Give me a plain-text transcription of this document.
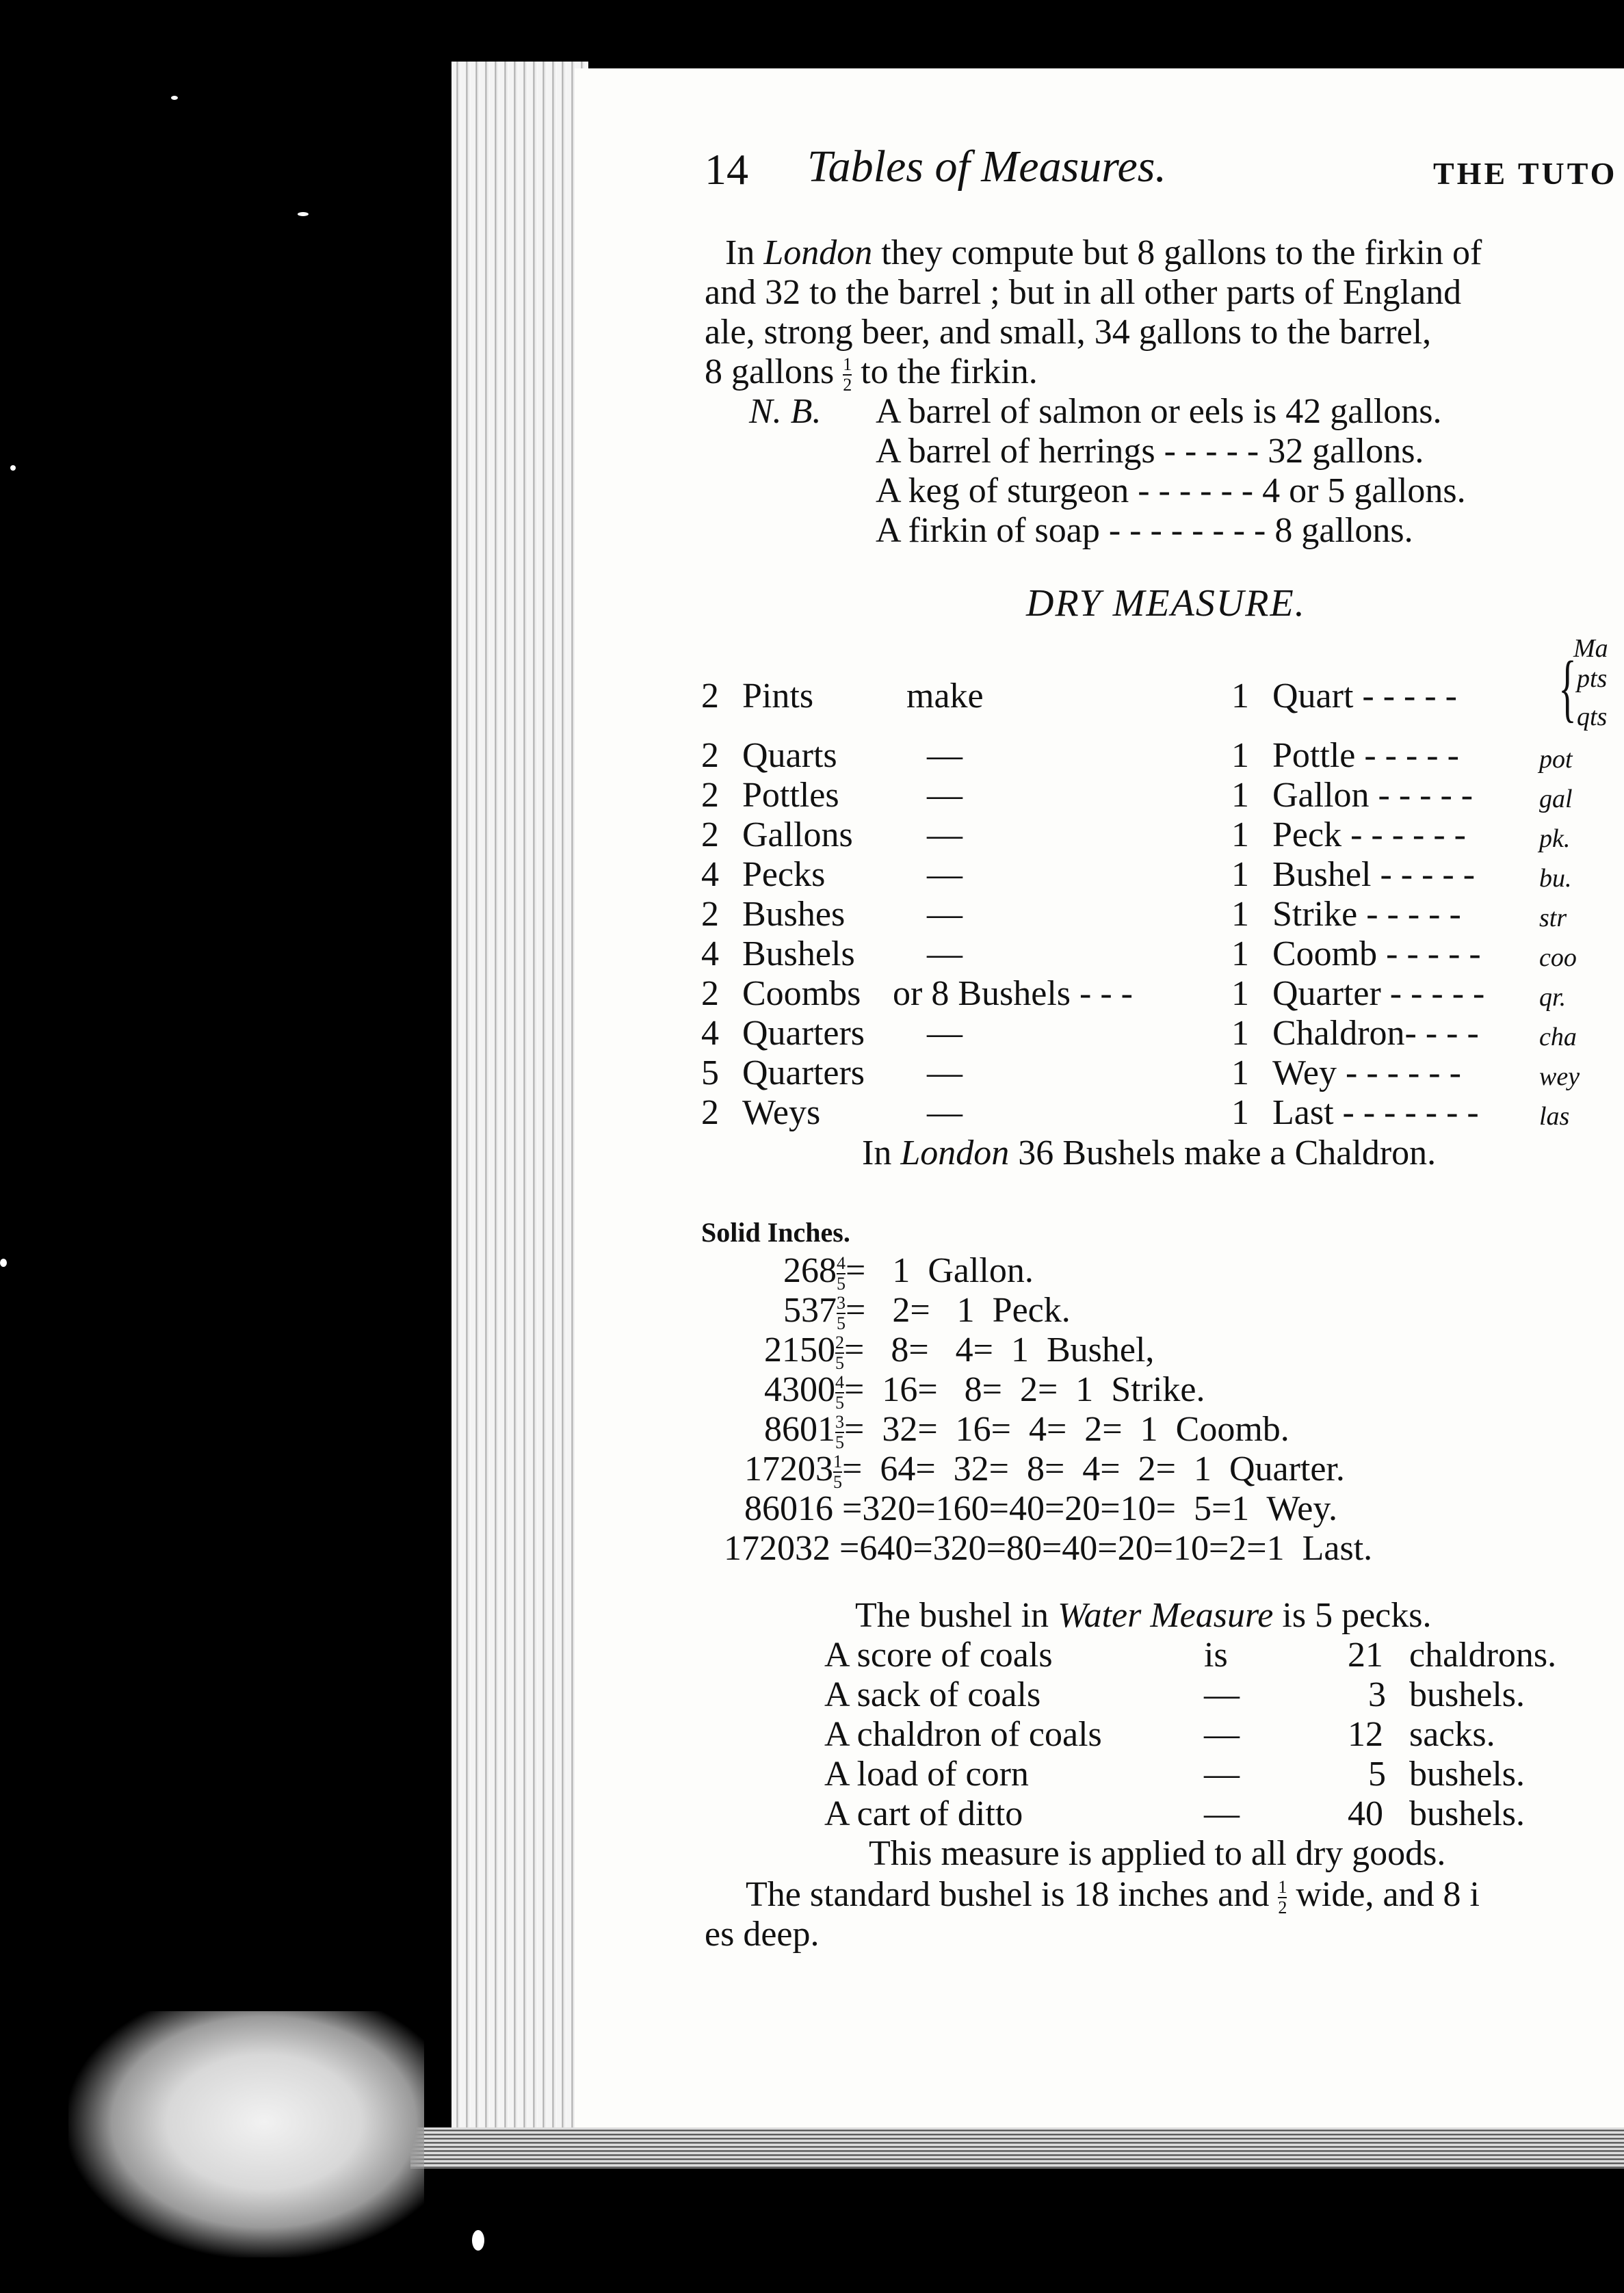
14 Tables of Measures.	THE TUTO
In London they compute but 8 gallons to the firkin of
and 32 to the barrel ; but in all other parts of England
ale, strong beer, and small, 34 gallons to the barrel,
8 gallons $\frac{1}{2}$ to the firkin.
N. B. A barrel of salmon or eels is 42 gallons.
A barrel of herrings - - - - - 32 gallons.
A keg of sturgeon - - - - - - 4 or 5 gallons.
A firkin of soap - - - - - - - - 8 gallons.
DRY MEASURE.
Ma
2 Pints	make	1 Quart - - - - - { pts
qts
2 Quarts	—	1 Pottle - - - - -	pot
2 Pottles —	1 Gallon - - - - -	gal
2 Gallons —	1 Peck - - - - - -	pk.
4 Pecks	—	1 Bushel - - - - - bu.
2 Bushes —	1 Strike - - - - -	str
4 Bushels —	1 Coomb - - - - - coo
2 Coombs or 8 Bushels - - -	1 Quarter - - - - - qr.
4 Quarters —	1 Chaldron- - - - cha
5 Quarters —	1 Wey - - - - - -	wey
2 Weys	—	1 Last - - - - - - - las
In London 36 Bushels make a Chaldron.
Solid Inches.
$268 \frac{4}{5} = 1$  Gallon.
$537 \frac{3}{5} = 2= 1$  Peck.
$2150 \frac{2}{5} = 8= 4= 1$  Bushel,
$4300 \frac{4}{5} = 16= 8= 2= 1$  Strike.
$8601 \frac{3}{5} = 32= 16= 4= 2= 1$  Coomb.
$17203 \frac{1}{5} = 64= 32= 8= 4= 2= 1$  Quarter.
86016 =320=160=40=20=10=  5=1  Wey.
172032 =640=320=80=40=20=10=2=1  Last.
The bushel in Water Measure is 5 pecks.
A score of coals	is	21 chaldrons.
A sack of coals	—	3 bushels.
A chaldron of coals	—	12 sacks.
A load of corn	—	5 bushels.
A cart of ditto	—	40 bushels.
This measure is applied to all dry goods.
The standard bushel is 18 inches and $\frac{1}{2}$ wide, and 8 i
es deep.
